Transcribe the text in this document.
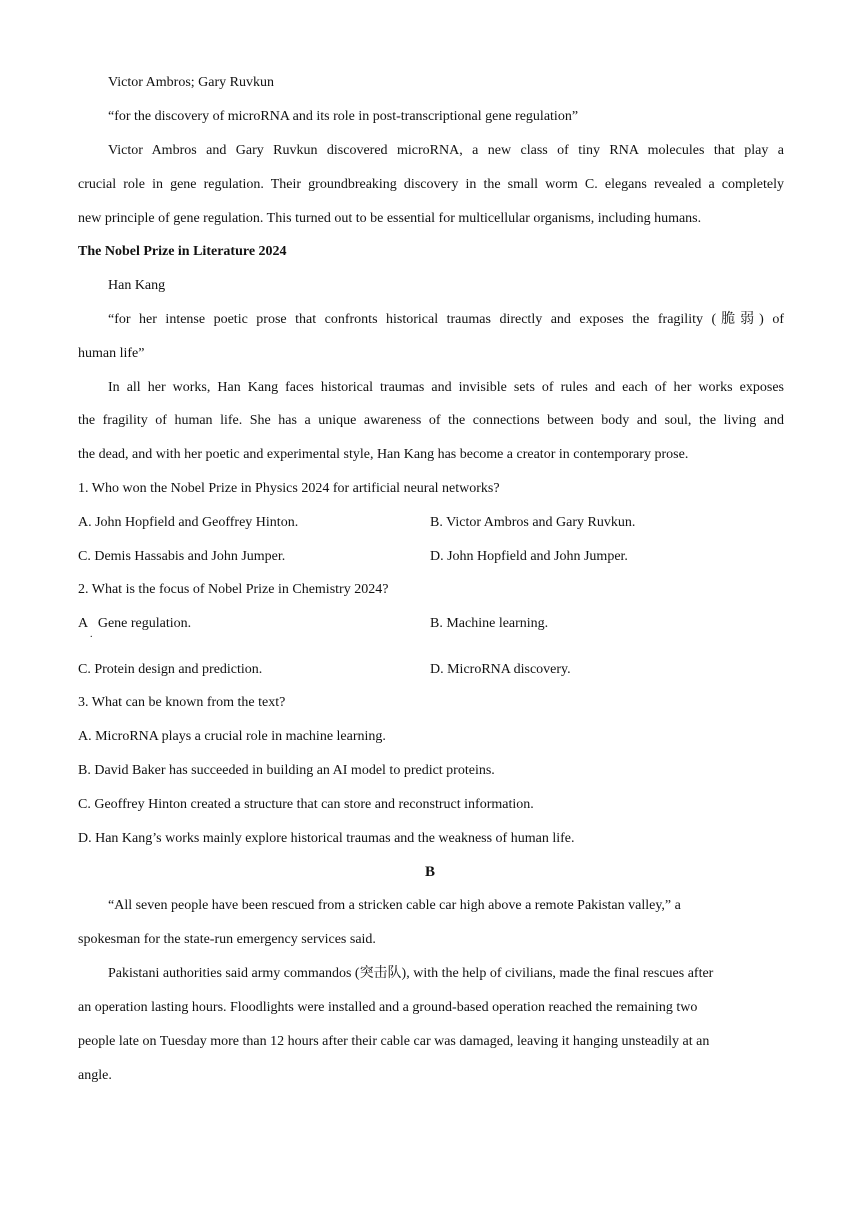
Victor Ambros; Gary Ruvkun
“for the discovery of microRNA and its role in post-transcriptional gene regulation”
Victor Ambros and Gary Ruvkun discovered microRNA, a new class of tiny RNA molecules that play a
crucial role in gene regulation. Their groundbreaking discovery in the small worm C. elegans revealed a completely
new principle of gene regulation. This turned out to be essential for multicellular organisms, including humans.
The Nobel Prize in Literature 2024
Han Kang
“for her intense poetic prose that confronts historical traumas directly and exposes the fragility (脆弱) of
human life”
In all her works, Han Kang faces historical traumas and invisible sets of rules and each of her works exposes
the fragility of human life. She has a unique awareness of the connections between body and soul, the living and
the dead, and with her poetic and experimental style, Han Kang has become a creator in contemporary prose.
1. Who won the Nobel Prize in Physics 2024 for artificial neural networks?
A. John Hopfield and Geoffrey Hinton.	B. Victor Ambros and Gary Ruvkun.
C. Demis Hassabis and John Jumper.	D. John Hopfield and John Jumper.
2. What is the focus of Nobel Prize in Chemistry 2024?
A   Gene regulation.
.
B. Machine learning.
C. Protein design and prediction.	D. MicroRNA discovery.
3. What can be known from the text?
A. MicroRNA plays a crucial role in machine learning.
B. David Baker has succeeded in building an AI model to predict proteins.
C. Geoffrey Hinton created a structure that can store and reconstruct information.
D. Han Kang’s works mainly explore historical traumas and the weakness of human life.
B
“All seven people have been rescued from a stricken cable car high above a remote Pakistan valley,” a
spokesman for the state-run emergency services said.
Pakistani authorities said army commandos (突击队), with the help of civilians, made the final rescues after
an operation lasting hours. Floodlights were installed and a ground-based operation reached the remaining two
people late on Tuesday more than 12 hours after their cable car was damaged, leaving it hanging unsteadily at an
angle.
